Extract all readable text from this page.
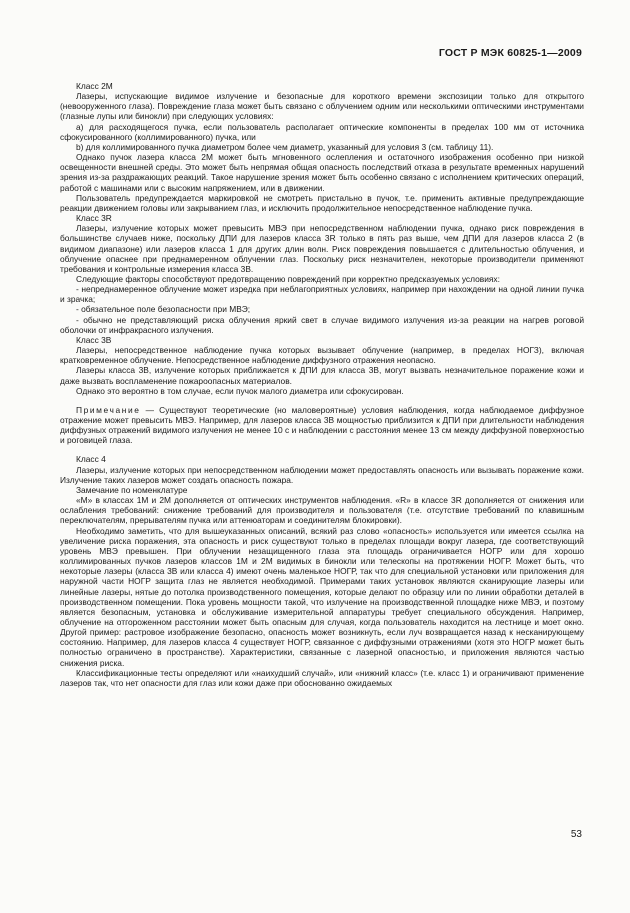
ГОСТ Р МЭК 60825-1—2009

Класс 2М

Лазеры, испускающие видимое излучение и безопасные для короткого времени экспозиции только для открытого (невооруженного глаза). Повреждение глаза может быть связано с облучением одним или несколькими оптическими инструментами (глазные лупы или бинокли) при следующих условиях:

а) для расходящегося пучка, если пользователь располагает оптические компоненты в пределах 100 мм от источника сфокусированного (коллимированного) пучка, или

b) для коллимированного пучка диаметром более чем диаметр, указанный для условия 3 (см. таблицу 11).

Однако пучок лазера класса 2М может быть мгновенного ослепления и остаточного изображения особенно при низкой освещенности внешней среды. Это может быть непрямая общая опасность последствий отказа в результате временных нарушений зрения из-за раздражающих реакций. Такое нарушение зрения может быть особенно связано с исполнением критических операций, работой с машинами или с высоким напряжением, или в движении.

Пользователь предупреждается маркировкой не смотреть пристально в пучок, т.е. применить активные предупреждающие реакции движением головы или закрыванием глаз, и исключить продолжительное непосредственное наблюдение пучка.

Класс 3R

Лазеры, излучение которых может превысить МВЭ при непосредственном наблюдении пучка, однако риск повреждения в большинстве случаев ниже, поскольку ДПИ для лазеров класса 3R только в пять раз выше, чем ДПИ для лазеров класса 2 (в видимом диапазоне) или лазеров класса 1 для других длин волн. Риск повреждения повышается с длительностью облучения, и облучение опаснее при преднамеренном облучении глаз. Поскольку риск незначителен, некоторые производители применяют требования и контрольные измерения класса 3В.

Следующие факторы способствуют предотвращению повреждений при корректно предсказуемых условиях:

- непреднамеренное облучение может изредка при неблагоприятных условиях, например при нахождении на одной линии пучка и зрачка;

- обязательное поле безопасности при МВЭ;

- обычно не представляющий риска облучения яркий свет в случае видимого излучения из-за реакции на нагрев роговой оболочки от инфракрасного излучения.

Класс 3В

Лазеры, непосредственное наблюдение пучка которых вызывает облучение (например, в пределах НОГЗ), включая кратковременное облучение. Непосредственное наблюдение диффузного отражения неопасно.

Лазеры класса 3В, излучение которых приближается к ДПИ для класса 3В, могут вызвать незначительное поражение кожи и даже вызвать воспламенение пожароопасных материалов.

Однако это вероятно в том случае, если пучок малого диаметра или сфокусирован.

Примечание — Существуют теоретические (но маловероятные) условия наблюдения, когда наблюдаемое диффузное отражение может превысить МВЭ. Например, для лазеров класса 3В мощностью приблизится к ДПИ при длительности наблюдения диффузных отражений видимого излучения не менее 10 с и наблюдении с расстояния менее 13 см между диффузной поверхностью и роговицей глаза.

Класс 4

Лазеры, излучение которых при непосредственном наблюдении может предоставлять опасность или вызывать поражение кожи. Излучение таких лазеров может создать опасность пожара.

Замечание по номенклатуре

«М» в классах 1М и 2М дополняется от оптических инструментов наблюдения. «R» в классе 3R дополняется от снижения или ослабления требований: снижение требований для производителя и пользователя (т.е. отсутствие требований по клавишным переключателям, прерывателям пучка или аттенюаторам и соединителям блокировки).

Необходимо заметить, что для вышеуказанных описаний, всякий раз слово «опасность» используется или имеется ссылка на увеличение риска поражения, эта опасность и риск существуют только в пределах площади вокруг лазера, где соответствующий уровень МВЭ превышен. При облучении незащищенного глаза эта площадь ограничивается НОГР или для хорошо коллимированных пучков лазеров классов 1М и 2М видимых в бинокли или телескопы на протяжении НОГР. Может быть, что некоторые лазеры (класса 3В или класса 4) имеют очень маленькое НОГР, так что для специальной установки или приложения для наружной части НОГР защита глаз не является необходимой. Примерами таких установок являются сканирующие лазеры или линейные лазеры, нятые до потолка производственного помещения, которые делают по образцу или по линии обработки деталей в производственном помещении. Пока уровень мощности такой, что излучение на производственной площадке ниже МВЭ, и поэтому является безопасным, установка и обслуживание измерительной аппаратуры требует специального обсуждения. Например, облучение на отгороженном расстоянии может быть опасным для случая, когда пользователь находится на лестнице и моет окно. Другой пример: растровое изображение безопасно, опасность может возникнуть, если луч возвращается назад к несканирующему состоянию. Например, для лазеров класса 4 существует НОГР, связанное с диффузными отражениями (хотя это НОГР может быть полностью ограничено в пространстве). Характеристики, связанные с лазерной опасностью, и приложения являются частью снижения риска.

Классификационные тесты определяют или «наихудший случай», или «нижний класс» (т.е. класс 1) и ограничивают применение лазеров так, что нет опасности для глаз или кожи даже при обоснованно ожидаемых

53
